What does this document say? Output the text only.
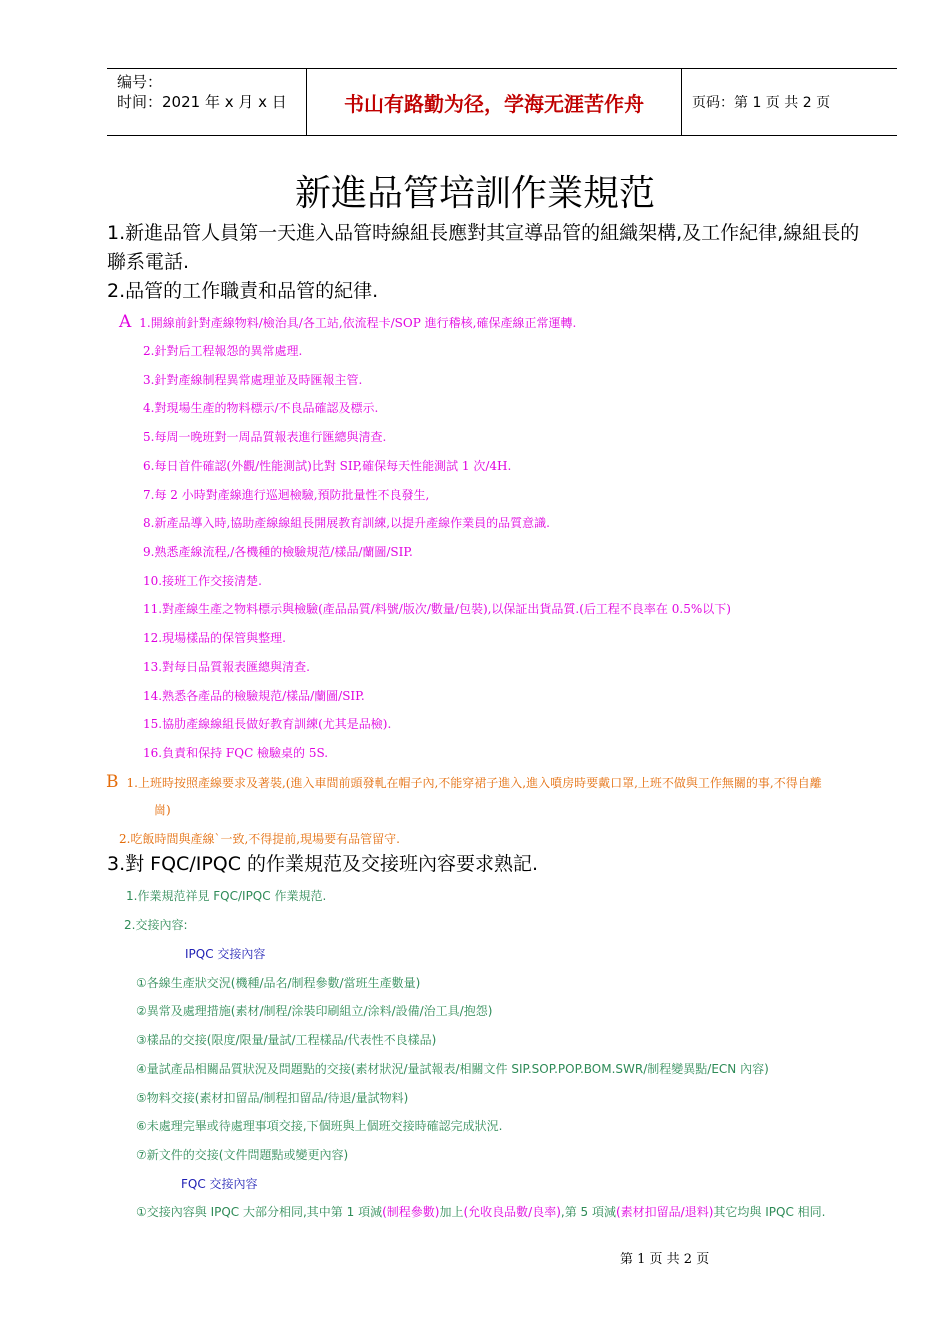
编号：
时间：2021 年 x 月 x 日	书山有路勤为径，学海无涯苦作舟	页码：第 1 页 共 2 页
新進品管培訓作業規范
1.新進品管人員第一天進入品管時線組長應對其宣導品管的組織架構,及工作紀律,線組長的聯系電話.
2.品管的工作職責和品管的紀律.
A 1.開線前針對產線物料/檢治具/各工站,依流程卡/SOP 進行稽核,確保產線正常運轉.
2.針對后工程報怨的異常處理.
3.針對產線制程異常處理並及時匯報主管.
4.對現場生產的物料標示/不良品確認及標示.
5.每周一晚班對一周品質報表進行匯總與清查.
6.每日首件確認(外觀/性能測試)比對 SIP,確保每天性能測試 1 次/4H.
7.每 2 小時對產線進行巡迴檢驗,預防批量性不良發生,
8.新產品導入時,協助產線線組長開展教育訓練,以提升產線作業員的品質意識.
9.熟悉產線流程,/各機種的檢驗規范/樣品/蘭圖/SIP.
10.接班工作交接清楚.
11.對產線生產之物料標示與檢驗(產品品質/料號/版次/數量/包裝),以保証出貨品質.(后工程不良率在 0.5%以下)
12.現場樣品的保管與整理.
13.對每日品質報表匯總與清查.
14.熟悉各產品的檢驗規范/樣品/蘭圖/SIP.
15.協肋產線線組長做好教育訓練(尤其是品檢).
16.負責和保持 FQC 檢驗桌的 5S.
B 1.上班時按照產線要求及著裝,(進入車間前頭發軋在帽子內,不能穿裙子進入,進入噴房時要戴口罩,上班不做與工作無關的事,不得自離
崗)
2.吃飯時間與產線`一致,不得提前,現場要有品管留守.
3.對 FQC/IPQC 的作業規范及交接班內容要求熟記.
1.作業規范祥見 FQC/IPQC 作業規范.
2.交接內容:
IPQC 交接內容
①各線生產狀交況(機種/品名/制程參數/當班生產數量)
②異常及處理措施(素材/制程/涂裝印刷組立/涂料/設備/治工具/抱怨)
③樣品的交接(限度/限量/量試/工程樣品/代表性不良樣品)
④量試產品相關品質狀況及問題點的交接(素材狀況/量試報表/相關文件 SIP.SOP.POP.BOM.SWR/制程變異點/ECN 內容)
⑤物料交接(素材扣留品/制程扣留品/待退/量試物料)
⑥未處理完畢或待處理事項交接,下個班與上個班交接時確認完成狀況.
⑦新文件的交接(文件問題點或變更內容)
FQC 交接內容
①交接內容與 IPQC 大部分相同,其中第 1 項減(制程參數)加上(允收良品數/良率),第 5 項減(素材扣留品/退料)其它均與 IPQC 相同.
第 1 页 共 2 页
